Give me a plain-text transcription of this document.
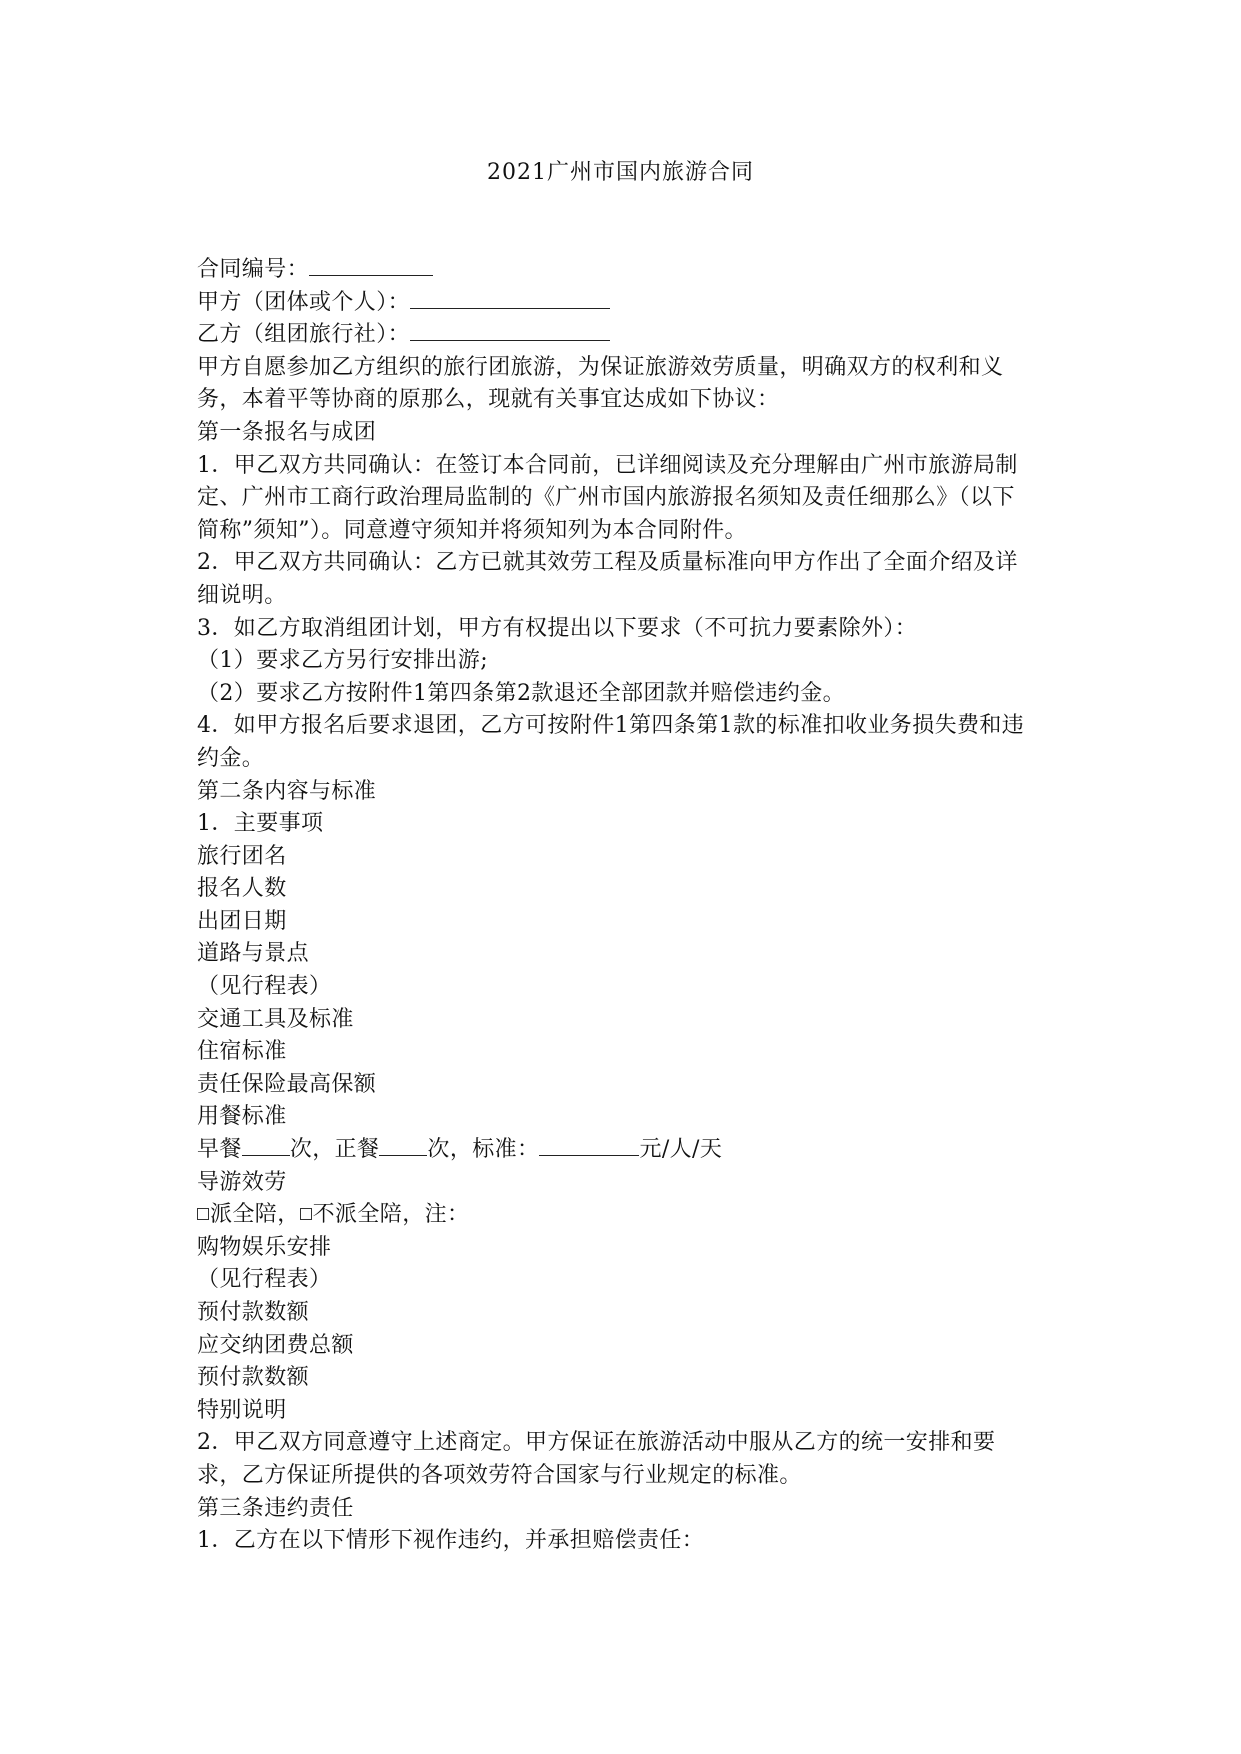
2021广州市国内旅游合同
合同编号：
甲方（团体或个人）：
乙方（组团旅行社）：
甲方自愿参加乙方组织的旅行团旅游，为保证旅游效劳质量，明确双方的权利和义务，本着平等协商的原那么，现就有关事宜达成如下协议：
第一条报名与成团
1．甲乙双方共同确认：在签订本合同前，已详细阅读及充分理解由广州市旅游局制定、广州市工商行政治理局监制的《广州市国内旅游报名须知及责任细那么》（以下简称”须知”）。同意遵守须知并将须知列为本合同附件。
2．甲乙双方共同确认：乙方已就其效劳工程及质量标准向甲方作出了全面介绍及详细说明。
3．如乙方取消组团计划，甲方有权提出以下要求（不可抗力要素除外）：
（1）要求乙方另行安排出游;
（2）要求乙方按附件1第四条第2款退还全部团款并赔偿违约金。
4．如甲方报名后要求退团，乙方可按附件1第四条第1款的标准扣收业务损失费和违约金。
第二条内容与标准
1．主要事项
旅行团名
报名人数
出团日期
道路与景点
（见行程表）
交通工具及标准
住宿标准
责任保险最高保额
用餐标准
早餐 次，正餐 次，标准：	元/人/天
导游效劳
派全陪， 不派全陪，注：
购物娱乐安排
（见行程表）
预付款数额
应交纳团费总额
预付款数额
特别说明
2．甲乙双方同意遵守上述商定。甲方保证在旅游活动中服从乙方的统一安排和要求，乙方保证所提供的各项效劳符合国家与行业规定的标准。
第三条违约责任
1．乙方在以下情形下视作违约，并承担赔偿责任：
